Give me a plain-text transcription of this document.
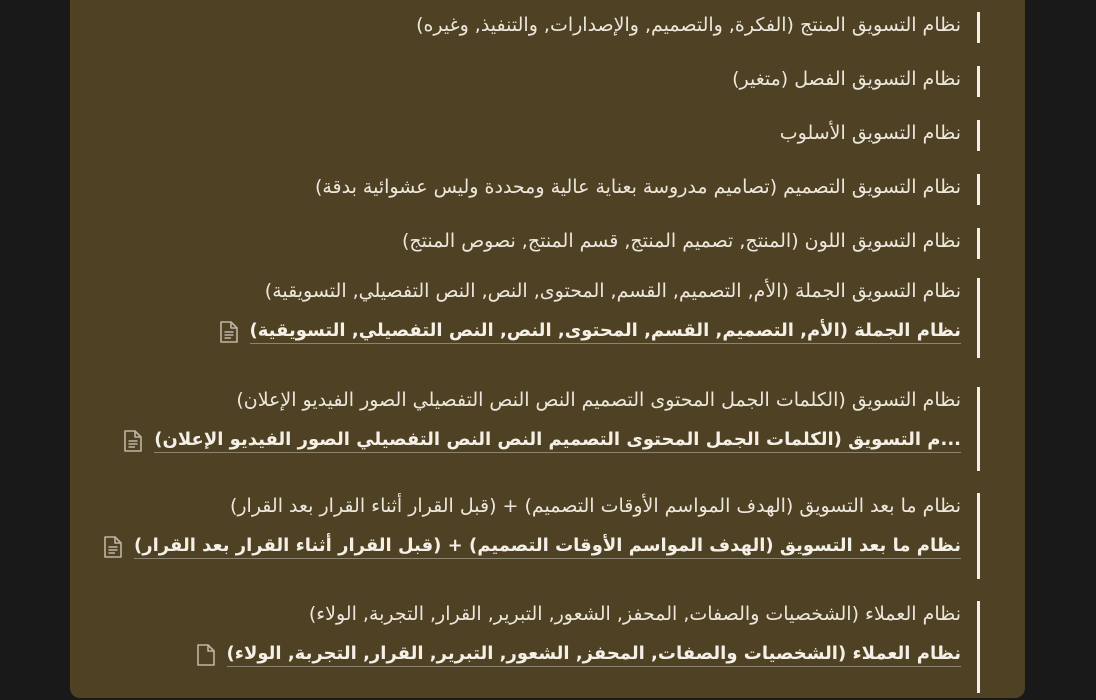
نظام التسويق المنتج (الفكرة, والتصميم, والإصدارات, والتنفيذ, وغيره)
نظام التسويق الفصل (متغير)
نظام التسويق الأسلوب
نظام التسويق التصميم (تصاميم مدروسة بعناية عالية ومحددة وليس عشوائية بدقة)
نظام التسويق اللون (المنتج, تصميم المنتج, قسم المنتج, نصوص المنتج)
نظام التسويق الجملة (الأم, التصميم, القسم, المحتوى, النص, النص التفصيلي, التسويقية)
نظام الجملة (الأم, التصميم, القسم, المحتوى, النص, النص التفصيلي, التسويقية)
نظام التسويق (الكلمات الجمل المحتوى التصميم النص النص التفصيلي الصور الفيديو الإعلان)
...م التسويق (الكلمات الجمل المحتوى التصميم النص النص التفصيلي الصور الفيديو الإعلان)
نظام ما بعد التسويق (الهدف المواسم الأوقات التصميم) + (قبل القرار أثناء القرار بعد القرار)
نظام ما بعد التسويق (الهدف المواسم الأوقات التصميم) + (قبل القرار أثناء القرار بعد القرار)
نظام العملاء (الشخصيات والصفات, المحفز, الشعور, التبرير, القرار, التجربة, الولاء)
نظام العملاء (الشخصيات والصفات, المحفز, الشعور, التبرير, القرار, التجربة, الولاء)
